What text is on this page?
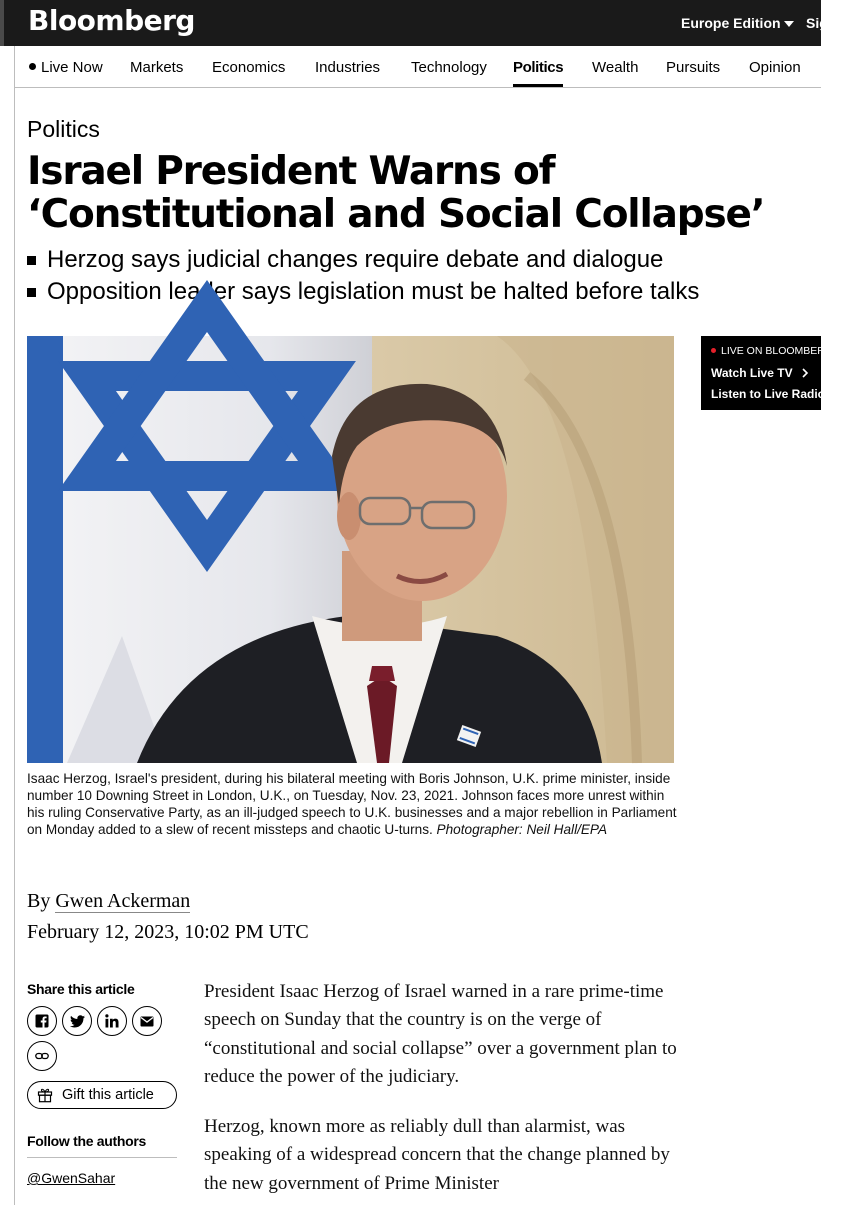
Bloomberg	Europe Edition Sign In
Live Now Markets Economics Industries Technology Politics Wealth Pursuits Opinion
Politics
Israel President Warns of ‘Constitutional and Social Collapse’
Herzog says judicial changes require debate and dialogue
Opposition leader says legislation must be halted before talks
Isaac Herzog, Israel's president, during his bilateral meeting with Boris Johnson, U.K. prime minister, inside number 10 Downing Street in London, U.K., on Tuesday, Nov. 23, 2021. Johnson faces more unrest within his ruling Conservative Party, as an ill-judged speech to U.K. businesses and a major rebellion in Parliament on Monday added to a slew of recent missteps and chaotic U-turns. Photographer: Neil Hall/EPA
LIVE ON BLOOMBERG
Watch Live TV
Listen to Live Radio
By Gwen Ackerman
February 12, 2023, 10:02 PM UTC
Share this article
Gift this article
Follow the authors
@GwenSahar

President Isaac Herzog of Israel warned in a rare prime-time speech on Sunday that the country is on the verge of “constitutional and social collapse” over a government plan to reduce the power of the judiciary.

Herzog, known more as reliably dull than alarmist, was speaking of a widespread concern that the change planned by the new government of Prime Minister
